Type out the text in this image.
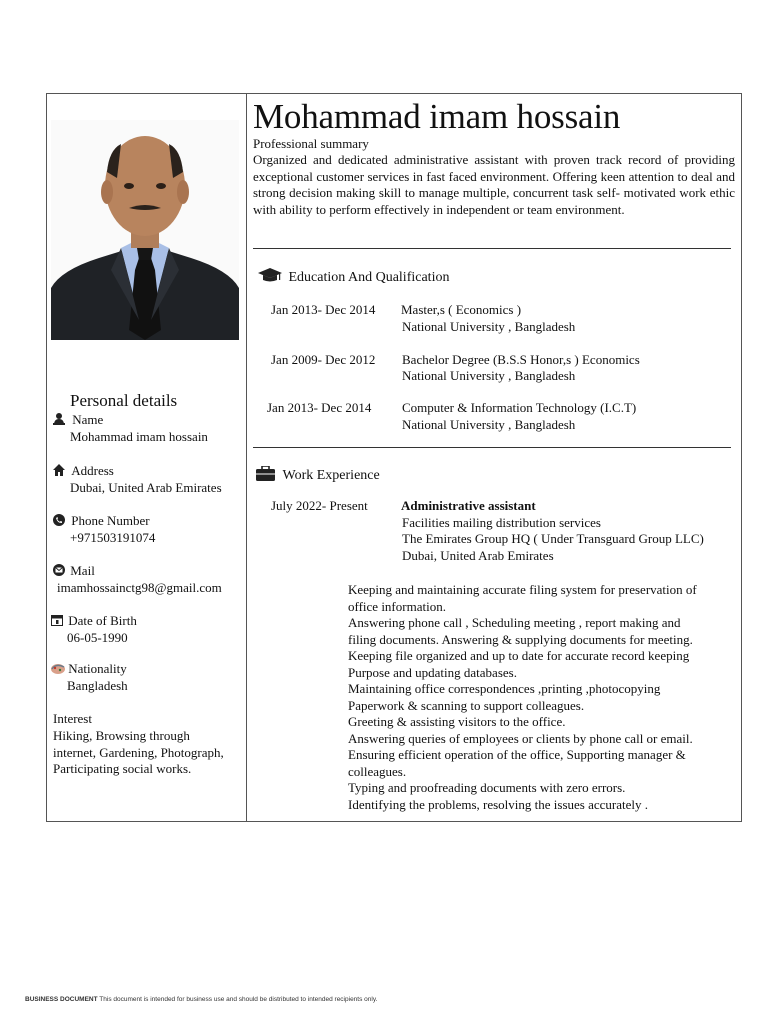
Personal details
Name
Mohammad imam hossain
Address
Dubai, United Arab Emirates
Phone Number
+971503191074
Mail
imamhossainctg98@gmail.com
Date of Birth
06-05-1990
Nationality
Bangladesh
Interest
Hiking, Browsing through
internet, Gardening, Photograph,
Participating social works.
Mohammad imam hossain
Professional summary
Organized and dedicated administrative assistant with proven track record of providing exceptional customer services in fast faced environment. Offering keen attention to deal and strong decision making skill to manage multiple, concurrent task self- motivated work ethic with ability to perform effectively in independent or team environment.
Education And Qualification
Jan 2013- Dec 2014 Master,s ( Economics )
National University , Bangladesh
Jan 2009- Dec 2012 Bachelor Degree (B.S.S Honor,s ) Economics
National University , Bangladesh
Jan 2013- Dec 2014 Computer & Information Technology (I.C.T)
National University , Bangladesh
Work Experience
July 2022- Present	Administrative assistant
Facilities mailing distribution services
The Emirates Group HQ ( Under Transguard Group LLC)
Dubai, United Arab Emirates
Keeping and maintaining accurate filing system for preservation of
office information.
Answering phone call , Scheduling meeting , report making and
filing documents. Answering & supplying documents for meeting.
Keeping file organized and up to date for accurate record keeping
Purpose and updating databases.
Maintaining office correspondences ,printing ,photocopying
Paperwork & scanning to support colleagues.
Greeting & assisting visitors to the office.
Answering queries of employees or clients by phone call or email.
Ensuring efficient operation of the office, Supporting manager &
colleagues.
Typing and proofreading documents with zero errors.
Identifying the problems, resolving the issues accurately .
BUSINESS DOCUMENT This document is intended for business use and should be distributed to intended recipients only.
